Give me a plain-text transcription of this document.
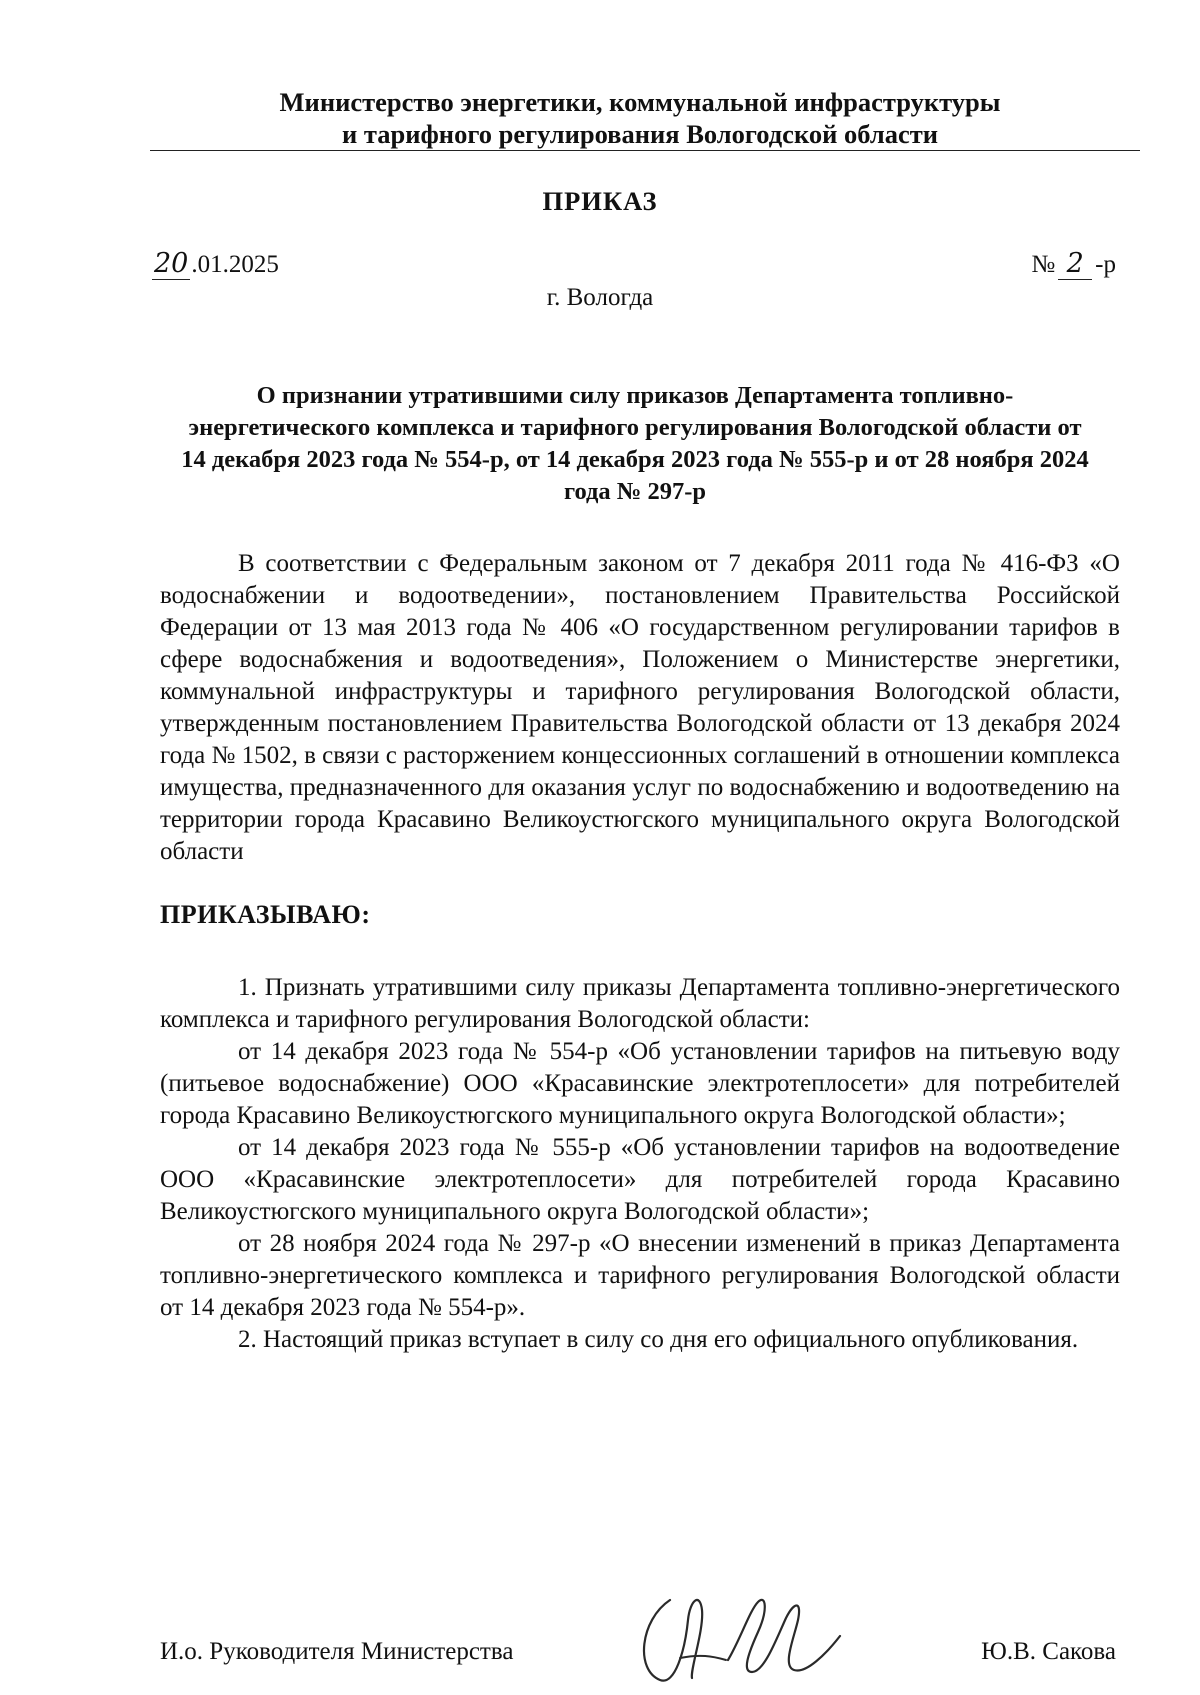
Министерство энергетики, коммунальной инфраструктуры
и тарифного регулирования Вологодской области
ПРИКАЗ
20 .01.2025	№ 2 -р
г. Вологда
О признании утратившими силу приказов Департамента топливно-энергетического комплекса и тарифного регулирования Вологодской области от 14 декабря 2023 года № 554-р, от 14 декабря 2023 года № 555-р и от 28 ноября 2024 года № 297-р

В соответствии с Федеральным законом от 7 декабря 2011 года № 416-ФЗ «О водоснабжении и водоотведении», постановлением Правительства Российской Федерации от 13 мая 2013 года № 406 «О государственном регулировании тарифов в сфере водоснабжения и водоотведения», Положением о Министерстве энергетики, коммунальной инфраструктуры и тарифного регулирования Вологодской области, утвержденным постановлением Правительства Вологодской области от 13 декабря 2024 года № 1502, в связи с расторжением концессионных соглашений в отношении комплекса имущества, предназначенного для оказания услуг по водоснабжению и водоотведению на территории города Красавино Великоустюгского муниципального округа Вологодской области

ПРИКАЗЫВАЮ:

1. Признать утратившими силу приказы Департамента топливно-энергетического комплекса и тарифного регулирования Вологодской области:

от 14 декабря 2023 года № 554-р «Об установлении тарифов на питьевую воду (питьевое водоснабжение) ООО «Красавинские электротеплосети» для потребителей города Красавино Великоустюгского муниципального округа Вологодской области»;

от 14 декабря 2023 года № 555-р «Об установлении тарифов на водоотведение ООО «Красавинские электротеплосети» для потребителей города Красавино Великоустюгского муниципального округа Вологодской области»;

от 28 ноября 2024 года № 297-р «О внесении изменений в приказ Департамента топливно-энергетического комплекса и тарифного регулирования Вологодской области от 14 декабря 2023 года № 554-р».

2. Настоящий приказ вступает в силу со дня его официального опубликования.

И.о. Руководителя Министерства	Ю.В. Сакова
